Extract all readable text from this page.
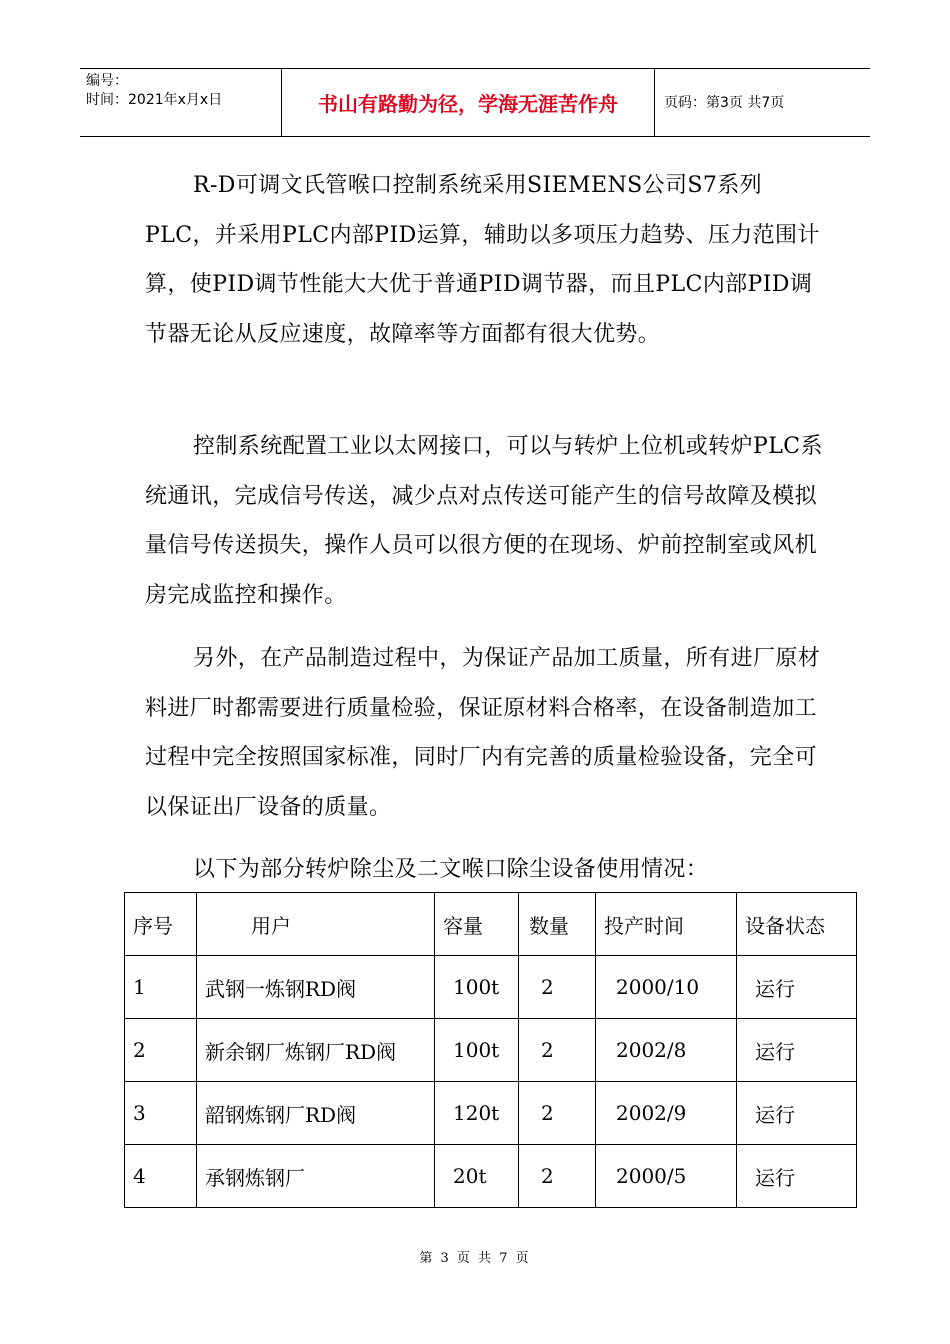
编号：
时间：2021年x月x日	书山有路勤为径，学海无涯苦作舟	页码：第3页 共7页

R-D可调文氏管喉口控制系统采用SIEMENS公司S7系列PLC，并采用PLC内部PID运算，辅助以多项压力趋势、压力范围计算，使PID调节性能大大优于普通PID调节器，而且PLC内部PID调节器无论从反应速度，故障率等方面都有很大优势。

控制系统配置工业以太网接口，可以与转炉上位机或转炉PLC系统通讯，完成信号传送，减少点对点传送可能产生的信号故障及模拟量信号传送损失，操作人员可以很方便的在现场、炉前控制室或风机房完成监控和操作。

另外，在产品制造过程中，为保证产品加工质量，所有进厂原材料进厂时都需要进行质量检验，保证原材料合格率，在设备制造加工过程中完全按照国家标准，同时厂内有完善的质量检验设备，完全可以保证出厂设备的质量。

以下为部分转炉除尘及二文喉口除尘设备使用情况：

序号	用户	容量	数量	投产时间	设备状态
1	武钢一炼钢RD阀	100t	2	2000/10	运行
2	新余钢厂炼钢厂RD阀	100t	2	2002/8	运行
3	韶钢炼钢厂RD阀	120t	2	2002/9	运行
4	承钢炼钢厂	20t	2	2000/5	运行
第 3 页 共 7 页
